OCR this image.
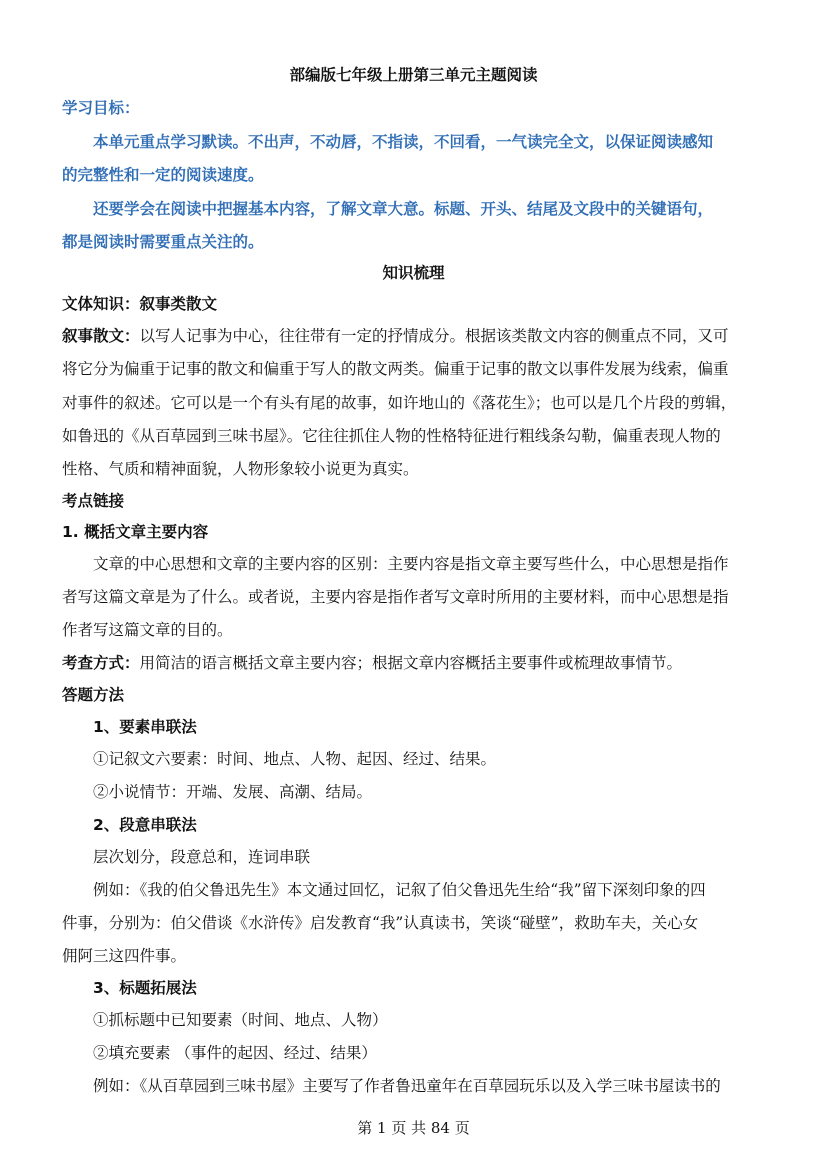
部编版七年级上册第三单元主题阅读
学习目标：
本单元重点学习默读。不出声，不动唇，不指读，不回看，一气读完全文，以保证阅读感知
的完整性和一定的阅读速度。
还要学会在阅读中把握基本内容，了解文章大意。标题、开头、结尾及文段中的关键语句，
都是阅读时需要重点关注的。
知识梳理
文体知识：叙事类散文
叙事散文：以写人记事为中心，往往带有一定的抒情成分。根据该类散文内容的侧重点不同，又可
将它分为偏重于记事的散文和偏重于写人的散文两类。偏重于记事的散文以事件发展为线索，偏重
对事件的叙述。它可以是一个有头有尾的故事，如许地山的《落花生》；也可以是几个片段的剪辑，
如鲁迅的《从百草园到三味书屋》。它往往抓住人物的性格特征进行粗线条勾勒，偏重表现人物的
性格、气质和精神面貌，人物形象较小说更为真实。
考点链接
1. 概括文章主要内容
文章的中心思想和文章的主要内容的区别：主要内容是指文章主要写些什么，中心思想是指作
者写这篇文章是为了什么。或者说，主要内容是指作者写文章时所用的主要材料，而中心思想是指
作者写这篇文章的目的。
考查方式：用简洁的语言概括文章主要内容；根据文章内容概括主要事件或梳理故事情节。
答题方法
1、要素串联法
①记叙文六要素：时间、地点、人物、起因、经过、结果。
②小说情节：开端、发展、高潮、结局。
2、段意串联法
层次划分，段意总和，连词串联
例如：《我的伯父鲁迅先生》本文通过回忆，记叙了伯父鲁迅先生给“我”留下深刻印象的四
件事，分别为：伯父借谈《水浒传》启发教育“我”认真读书，笑谈“碰壁”，救助车夫，关心女
佣阿三这四件事。
3、标题拓展法
①抓标题中已知要素（时间、地点、人物）
②填充要素 （事件的起因、经过、结果）
例如：《从百草园到三味书屋》主要写了作者鲁迅童年在百草园玩乐以及入学三味书屋读书的
第 1 页 共 84 页
